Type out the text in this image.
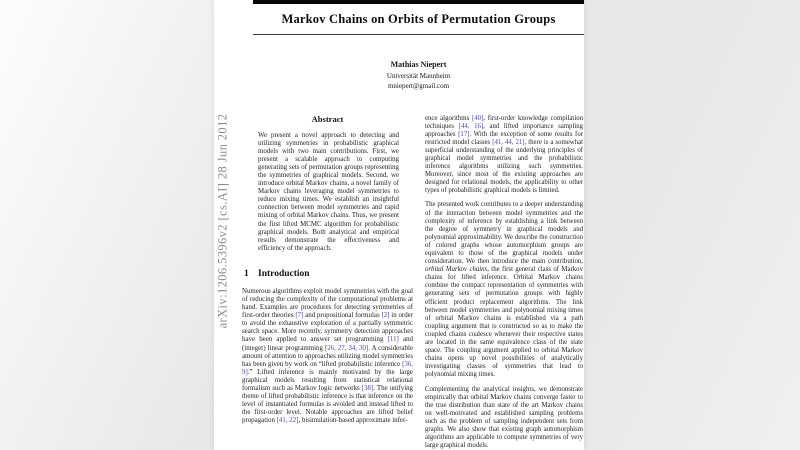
Markov Chains on Orbits of Permutation Groups
Mathias Niepert
Universität Mannheim
mniepert@gmail.com
Abstract
We present a novel approach to detecting and utilizing symmetries in probabilistic graphical models with two main contributions. First, we present a scalable approach to computing generating sets of permutation groups representing the symmetries of graphical models. Second, we introduce orbital Markov chains, a novel family of Markov chains leveraging model symmetries to reduce mixing times. We establish an insightful connection between model symmetries and rapid mixing of orbital Markov chains. Thus, we present the first lifted MCMC algorithm for probabilistic graphical models. Both analytical and empirical results demonstrate the effectiveness and efficiency of the approach.
1 Introduction
Numerous algorithms exploit model symmetries with the goal of reducing the complexity of the computational problems at hand. Examples are procedures for detecting symmetries of first-order theories [7] and propositional formulas [2] in order to avoid the exhaustive exploration of a partially symmetric search space. More recently, symmetry detection approaches have been applied to answer set programming [11] and (integer) linear programming [26, 27, 34, 30]. A considerable amount of attention to approaches utilizing model symmetries has been given by work on “lifted probabilistic inference [36, 9].” Lifted inference is mainly motivated by the large graphical models resulting from statistical relational formalism such as Markov logic networks [38]. The unifying theme of lifted probabilistic inference is that inference on the level of instantiated formulas is avoided and instead lifted to the first-order level. Notable approaches are lifted belief propagation [41, 22], bisimulation-based approximate infer-
ence algorithms [40], first-order knowledge compilation techniques [44, 16], and lifted importance sampling approaches [17]. With the exception of some results for restricted model classes [41, 44, 21], there is a somewhat superficial understanding of the underlying principles of graphical model symmetries and the probabilistic inference algorithms utilizing such symmetries. Moreover, since most of the existing approaches are designed for relational models, the applicability to other types of probabilistic graphical models is limited.
The presented work contributes to a deeper understanding of the interaction between model symmetries and the complexity of inference by establishing a link between the degree of symmetry in graphical models and polynomial approximability. We describe the construction of colored graphs whose automorphism groups are equivalent to those of the graphical models under consideration. We then introduce the main contribution, orbital Markov chains, the first general class of Markov chains for lifted inference. Orbital Markov chains combine the compact representation of symmetries with generating sets of permutation groups with highly efficient product replacement algorithms. The link between model symmetries and polynomial mixing times of orbital Markov chains is established via a path coupling argument that is constructed so as to make the coupled chains coalesce whenever their respective states are located in the same equivalence class of the state space. The coupling argument applied to orbital Markov chains opens up novel possibilities of analytically investigating classes of symmetries that lead to polynomial mixing times.
Complementing the analytical insights, we demonstrate empirically that orbital Markov chains converge faster to the true distribution than state of the art Markov chains on well-motivated and established sampling problems such as the problem of sampling independent sets from graphs. We also show that existing graph automorphism algorithms are applicable to compute symmetries of very large graphical models.
arXiv:1206.5396v2 [cs.AI] 28 Jun 2012
